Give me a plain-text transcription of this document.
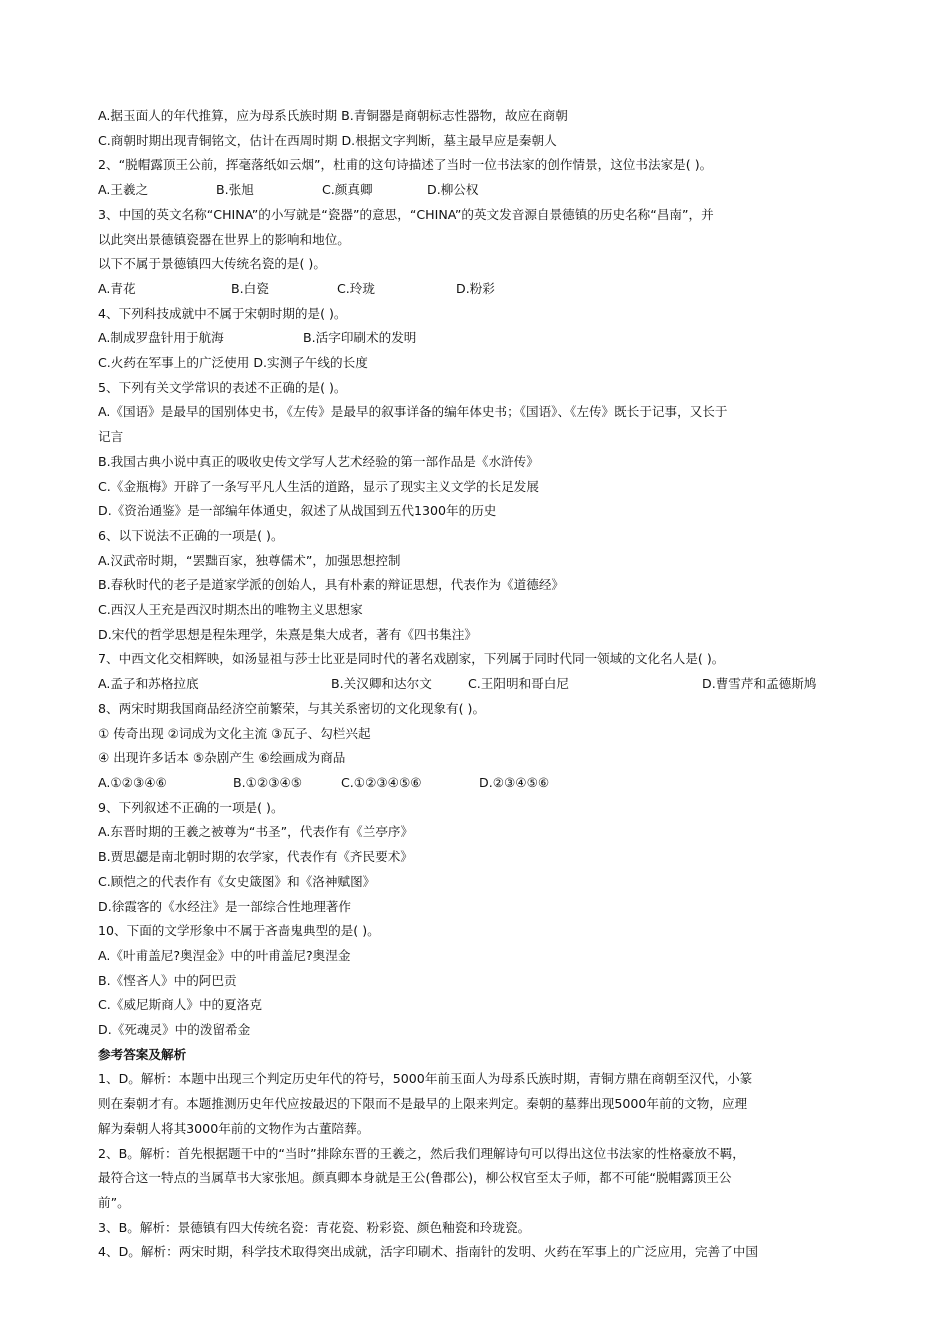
A.据玉面人的年代推算，应为母系氏族时期 B.青铜器是商朝标志性器物，故应在商朝
C.商朝时期出现青铜铭文，估计在西周时期 D.根据文字判断，墓主最早应是秦朝人
2、“脱帽露顶王公前，挥毫落纸如云烟”，杜甫的这句诗描述了当时一位书法家的创作情景，这位书法家是( )。
A.王羲之	B.张旭	C.颜真卿	D.柳公权
3、中国的英文名称“CHINA”的小写就是“瓷器”的意思，“CHINA”的英文发音源自景德镇的历史名称“昌南”，并
以此突出景德镇瓷器在世界上的影响和地位。
以下不属于景德镇四大传统名瓷的是( )。
A.青花	B.白瓷	C.玲珑	D.粉彩
4、下列科技成就中不属于宋朝时期的是( )。
A.制成罗盘针用于航海	B.活字印刷术的发明
C.火药在军事上的广泛使用 D.实测子午线的长度
5、下列有关文学常识的表述不正确的是( )。
A.《国语》是最早的国别体史书，《左传》是最早的叙事详备的编年体史书；《国语》、《左传》既长于记事，又长于
记言
B.我国古典小说中真正的吸收史传文学写人艺术经验的第一部作品是《水浒传》
C.《金瓶梅》开辟了一条写平凡人生活的道路，显示了现实主义文学的长足发展
D.《资治通鉴》是一部编年体通史，叙述了从战国到五代1300年的历史
6、以下说法不正确的一项是( )。
A.汉武帝时期，“罢黜百家，独尊儒术”，加强思想控制
B.春秋时代的老子是道家学派的创始人，具有朴素的辩证思想，代表作为《道德经》
C.西汉人王充是西汉时期杰出的唯物主义思想家
D.宋代的哲学思想是程朱理学，朱熹是集大成者，著有《四书集注》
7、中西文化交相辉映，如汤显祖与莎士比亚是同时代的著名戏剧家，下列属于同时代同一领域的文化名人是( )。
A.孟子和苏格拉底	B.关汉卿和达尔文	C.王阳明和哥白尼	D.曹雪芹和孟德斯鸠
8、两宋时期我国商品经济空前繁荣，与其关系密切的文化现象有( )。
① 传奇出现 ②词成为文化主流 ③瓦子、勾栏兴起
④ 出现许多话本 ⑤杂剧产生 ⑥绘画成为商品
A.①②③④⑥	B.①②③④⑤	C.①②③④⑤⑥	D.②③④⑤⑥
9、下列叙述不正确的一项是( )。
A.东晋时期的王羲之被尊为“书圣”，代表作有《兰亭序》
B.贾思勰是南北朝时期的农学家，代表作有《齐民要术》
C.顾恺之的代表作有《女史箴图》和《洛神赋图》
D.徐霞客的《水经注》是一部综合性地理著作
10、下面的文学形象中不属于吝啬鬼典型的是( )。
A.《叶甫盖尼?奥涅金》中的叶甫盖尼?奥涅金
B.《悭吝人》中的阿巴贡
C.《威尼斯商人》中的夏洛克
D.《死魂灵》中的泼留希金
参考答案及解析
1、D。解析：本题中出现三个判定历史年代的符号，5000年前玉面人为母系氏族时期，青铜方鼎在商朝至汉代，小篆
则在秦朝才有。本题推测历史年代应按最迟的下限而不是最早的上限来判定。秦朝的墓葬出现5000年前的文物，应理
解为秦朝人将其3000年前的文物作为古董陪葬。
2、B。解析：首先根据题干中的“当时”排除东晋的王羲之，然后我们理解诗句可以得出这位书法家的性格豪放不羁，
最符合这一特点的当属草书大家张旭。颜真卿本身就是王公(鲁郡公)，柳公权官至太子师，都不可能“脱帽露顶王公
前”。
3、B。解析：景德镇有四大传统名瓷：青花瓷、粉彩瓷、颜色釉瓷和玲珑瓷。
4、D。解析：两宋时期，科学技术取得突出成就，活字印刷术、指南针的发明、火药在军事上的广泛应用，完善了中国
